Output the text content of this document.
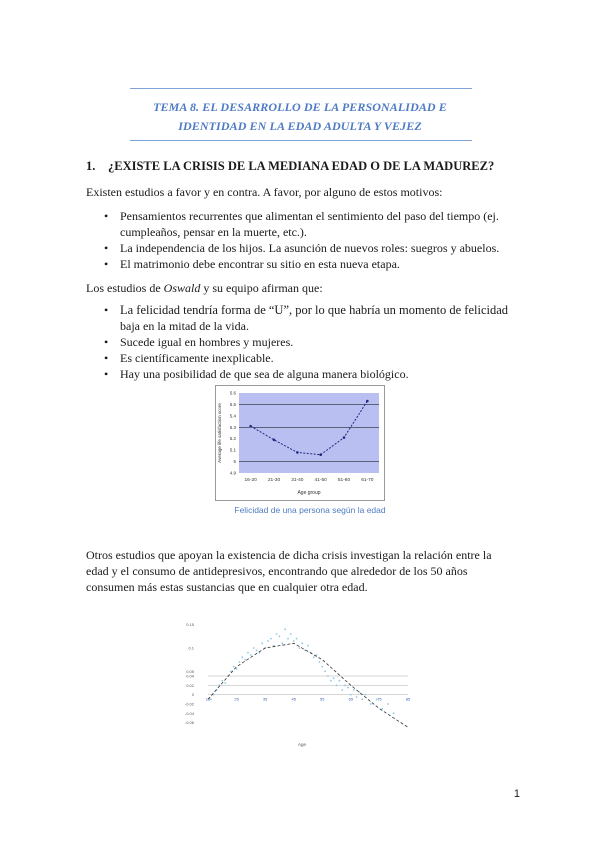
TEMA 8. EL DESARROLLO DE LA PERSONALIDAD E
IDENTIDAD EN LA EDAD ADULTA Y VEJEZ
1. ¿EXISTE LA CRISIS DE LA MEDIANA EDAD O DE LA MADUREZ?
Existen estudios a favor y en contra. A favor, por alguno de estos motivos:
• Pensamientos recurrentes que alimentan el sentimiento del paso del tiempo (ej.
cumpleaños, pensar en la muerte, etc.).
• La independencia de los hijos. La asunción de nuevos roles: suegros y abuelos.
• El matrimonio debe encontrar su sitio en esta nueva etapa.
Los estudios de Oswald y su equipo afirman que:
• La felicidad tendría forma de “U”, por lo que habría un momento de felicidad
baja en la mitad de la vida.
• Sucede igual en hombres y mujeres.
• Es científicamente inexplicable.
• Hay una posibilidad de que sea de alguna manera biológico.
4.9
5
5.1
5.2
5.3
5.4
5.5
5.6
16-20 21-30 31-40 41-50 51-60 61-70
Age group
Average life satisfaction score
Felicidad de una persona según la edad
Otros estudios que apoyan la existencia de dicha crisis investigan la relación entre la
edad y el consumo de antidepresivos, encontrando que alrededor de los 50 años
consumen más estas sustancias que en cualquier otra edad.
0.15
0.1
0.05
0.04
0.02
0
-0.02
-0.04
-0.06
15	25	35	45	55	65	75	85
Age
1
